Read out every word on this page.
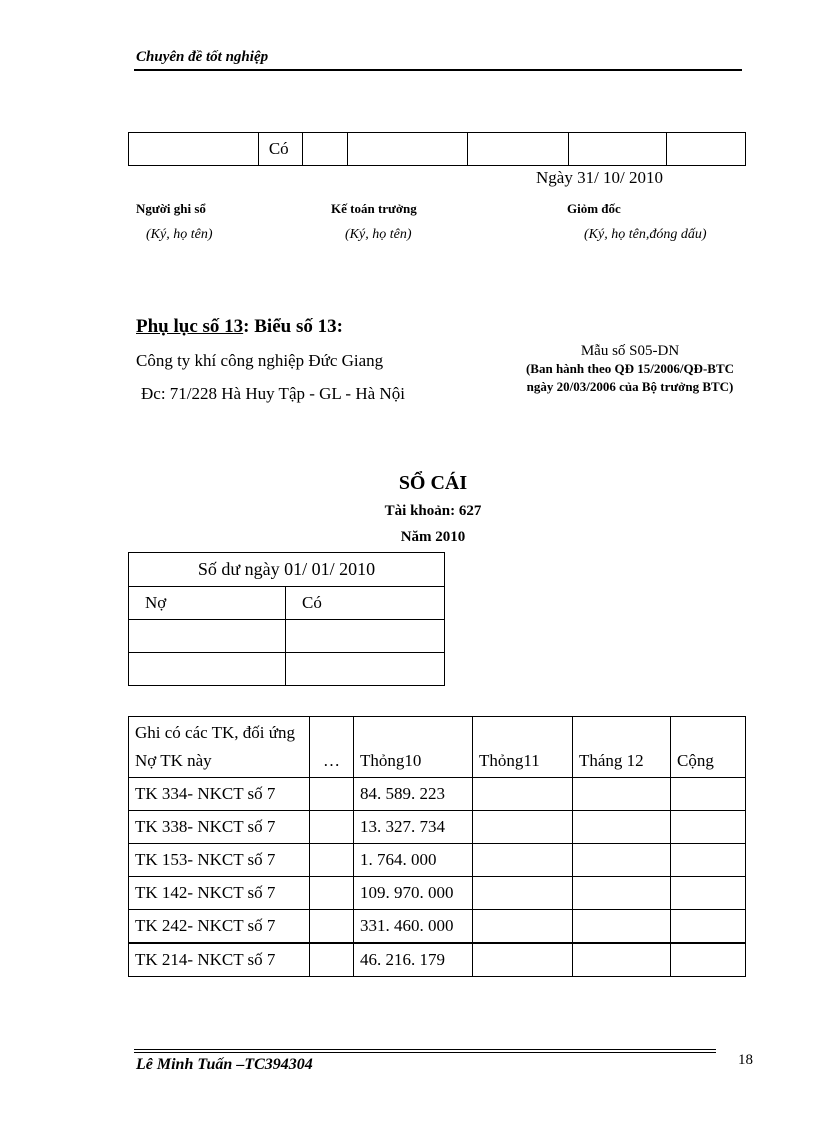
Chuyên đề tốt nghiệp
	Có					
Ngày 31/ 10/ 2010
Người ghi sổ	Kế toán trưởng	Giỏm đốc
(Ký, họ tên)	(Ký, họ tên)	(Ký, họ tên,đóng dấu)
Phụ lục số 13: Biểu số 13:
Công ty khí công nghiệp Đức Giang
Đc: 71/228 Hà Huy Tập - GL - Hà Nội
Mẫu số S05-DN
(Ban hành theo QĐ 15/2006/QĐ-BTC
ngày 20/03/2006 của Bộ trưởng BTC)
SỔ CÁI
Tài khoản: 627
Năm 2010
Số dư ngày 01/ 01/ 2010	
Nợ	Có

Ghi có các TK, đối ứng Nợ TK này	…	Thỏng10	Thỏng11	Tháng 12	Cộng
TK 334- NKCT số 7		84. 589. 223			
TK 338- NKCT số 7		13. 327. 734			
TK 153- NKCT số 7		1. 764. 000			
TK 142- NKCT số 7		109. 970. 000			
TK 242- NKCT số 7		331. 460. 000			
TK 214- NKCT số 7		46. 216. 179			
Lê Minh Tuấn –TC394304	18
